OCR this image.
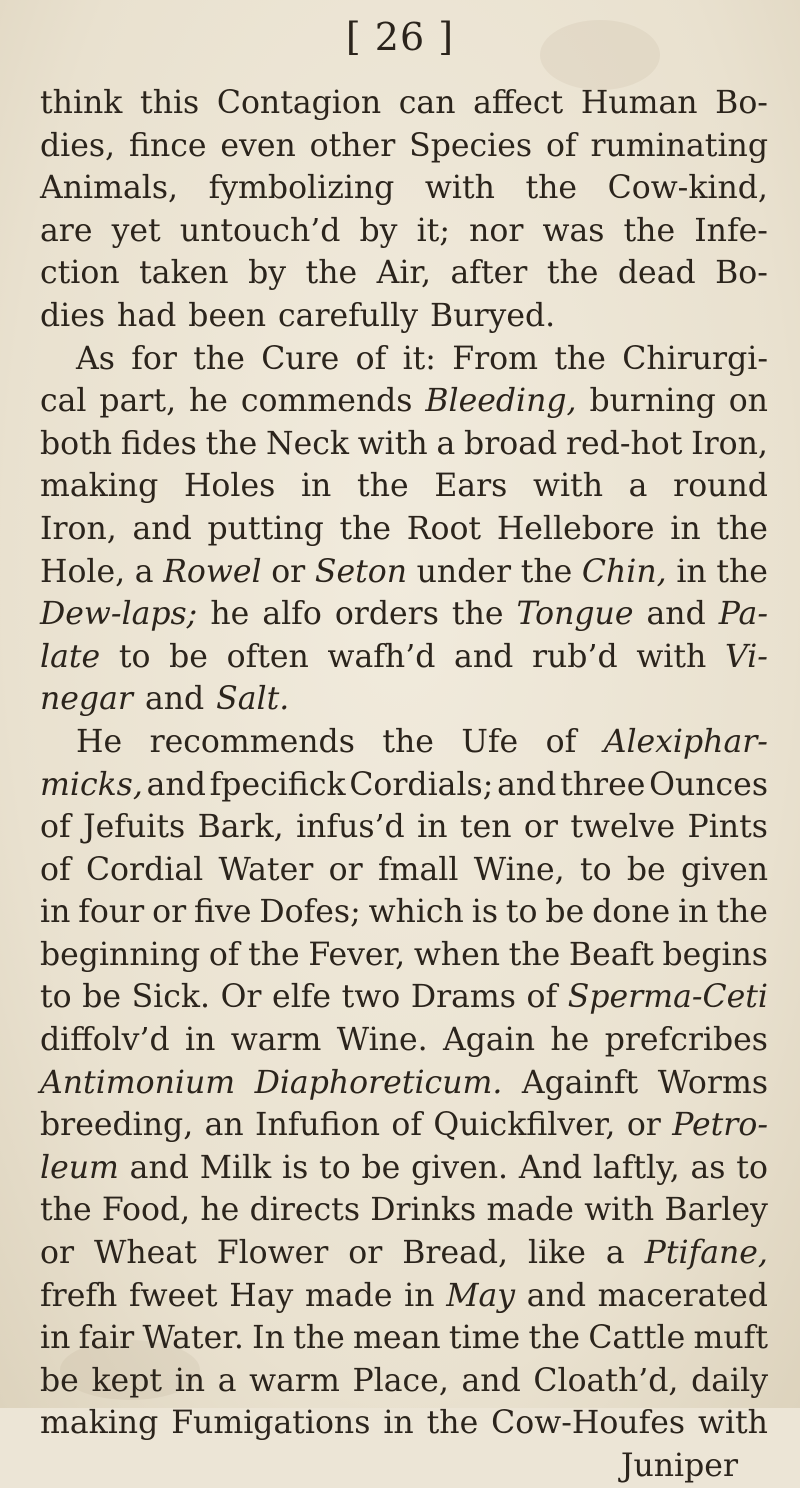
[ 26 ]
think this Contagion can affect Human Bo-
dies, fince even other Species of ruminating
Animals, fymbolizing with the Cow-kind,
are yet untouch’d by it; nor was the Infe-
ction taken by the Air, after the dead Bo-
dies had been carefully Buryed.
As for the Cure of it: From the Chirurgi-
cal part, he commends Bleeding, burning on
both fides the Neck with a broad red-hot Iron,
making Holes in the Ears with a round
Iron, and putting the Root Hellebore in the
Hole, a Rowel or Seton under the Chin, in the
Dew-laps; he alfo orders the Tongue and Pa-
late to be often wafh’d and rub’d with Vi-
negar and Salt.
He recommends the Ufe of Alexiphar-
micks, and fpecifick Cordials; and three Ounces
of Jefuits Bark, infus’d in ten or twelve Pints
of Cordial Water or fmall Wine, to be given
in four or five Dofes; which is to be done in the
beginning of the Fever, when the Beaft begins
to be Sick. Or elfe two Drams of Sperma-Ceti
diffolv’d in warm Wine. Again he prefcribes
Antimonium Diaphoreticum. Againft Worms
breeding, an Infufion of Quickfilver, or Petro-
leum and Milk is to be given. And laftly, as to
the Food, he directs Drinks made with Barley
or Wheat Flower or Bread, like a Ptifane,
frefh fweet Hay made in May and macerated
in fair Water. In the mean time the Cattle muft
be kept in a warm Place, and Cloath’d, daily
making Fumigations in the Cow-Houfes with
Juniper
